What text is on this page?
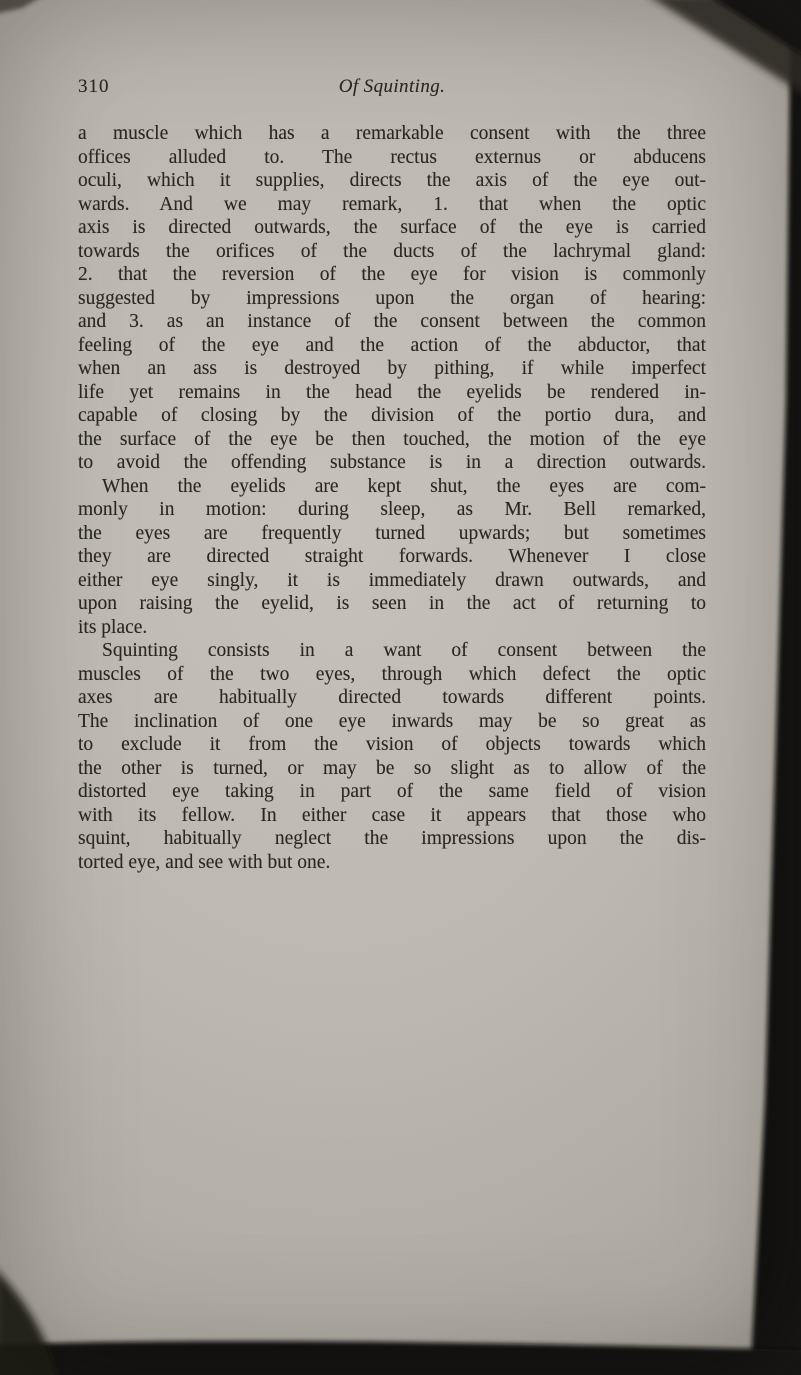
310	Of Squinting.
a muscle which has a remarkable consent with the three
offices alluded to. The rectus externus or abducens
oculi, which it supplies, directs the axis of the eye out-
wards. And we may remark, 1. that when the optic
axis is directed outwards, the surface of the eye is carried
towards the orifices of the ducts of the lachrymal gland:
2. that the reversion of the eye for vision is commonly
suggested by impressions upon the organ of hearing:
and 3. as an instance of the consent between the common
feeling of the eye and the action of the abductor, that
when an ass is destroyed by pithing, if while imperfect
life yet remains in the head the eyelids be rendered in-
capable of closing by the division of the portio dura, and
the surface of the eye be then touched, the motion of the eye
to avoid the offending substance is in a direction outwards.
When the eyelids are kept shut, the eyes are com-
monly in motion: during sleep, as Mr. Bell remarked,
the eyes are frequently turned upwards; but sometimes
they are directed straight forwards. Whenever I close
either eye singly, it is immediately drawn outwards, and
upon raising the eyelid, is seen in the act of returning to
its place.
Squinting consists in a want of consent between the
muscles of the two eyes, through which defect the optic
axes are habitually directed towards different points.
The inclination of one eye inwards may be so great as
to exclude it from the vision of objects towards which
the other is turned, or may be so slight as to allow of the
distorted eye taking in part of the same field of vision
with its fellow. In either case it appears that those who
squint, habitually neglect the impressions upon the dis-
torted eye, and see with but one.
